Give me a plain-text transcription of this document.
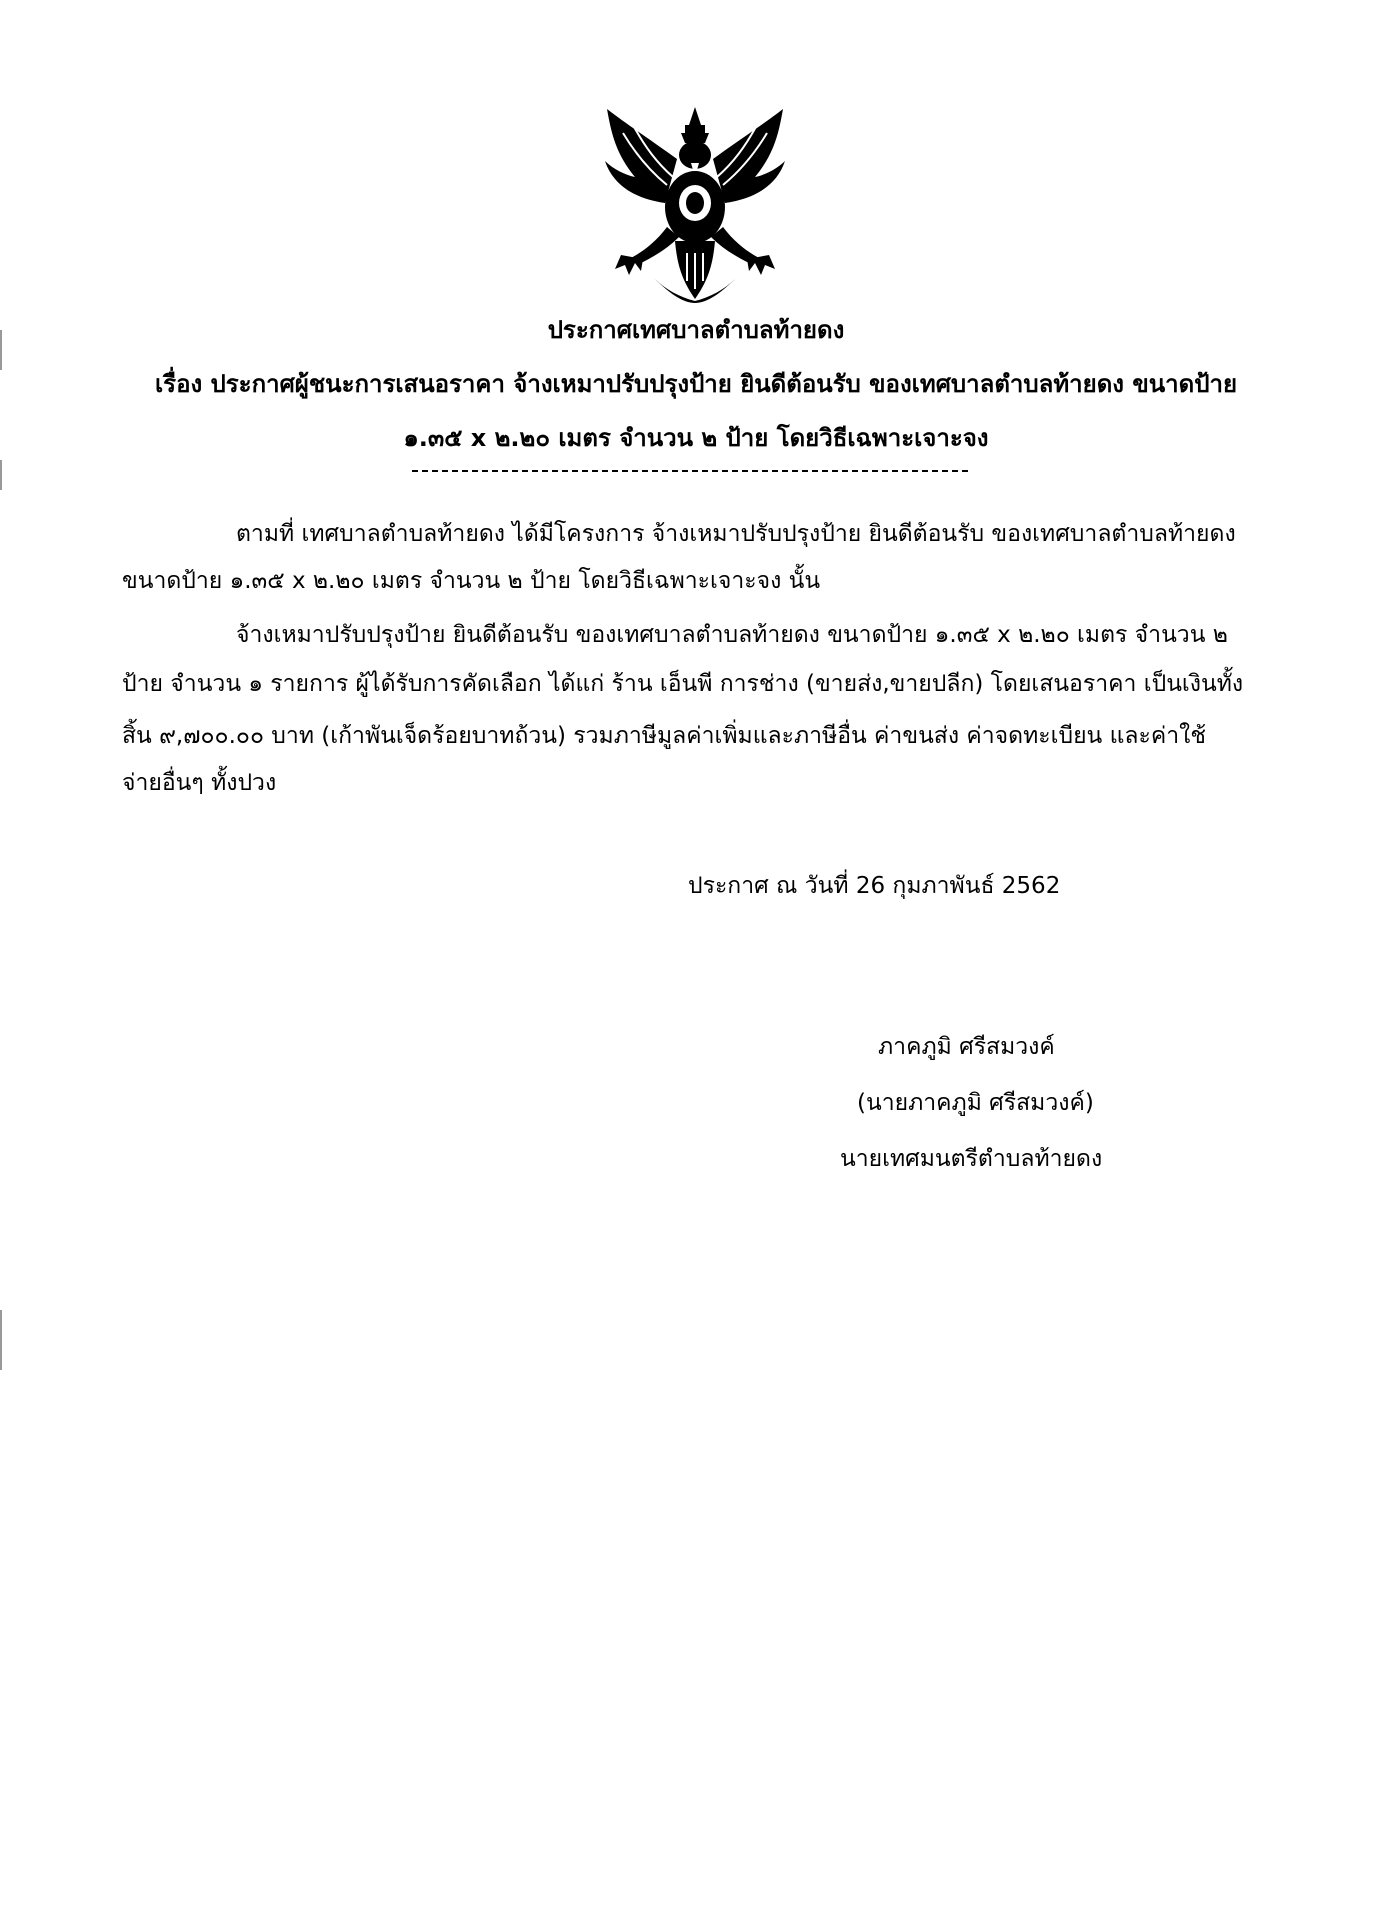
ประกาศเทศบาลตำบลท้ายดง
เรื่อง ประกาศผู้ชนะการเสนอราคา จ้างเหมาปรับปรุงป้าย ยินดีต้อนรับ ของเทศบาลตำบลท้ายดง ขนาดป้าย
๑.๓๕ x ๒.๒๐ เมตร จำนวน ๒ ป้าย โดยวิธีเฉพาะเจาะจง
ตามที่ เทศบาลตำบลท้ายดง ได้มีโครงการ จ้างเหมาปรับปรุงป้าย ยินดีต้อนรับ ของเทศบาลตำบลท้ายดง
ขนาดป้าย ๑.๓๕ x ๒.๒๐ เมตร จำนวน ๒ ป้าย โดยวิธีเฉพาะเจาะจง นั้น
จ้างเหมาปรับปรุงป้าย ยินดีต้อนรับ ของเทศบาลตำบลท้ายดง ขนาดป้าย ๑.๓๕ x ๒.๒๐ เมตร จำนวน ๒
ป้าย จำนวน ๑ รายการ ผู้ได้รับการคัดเลือก ได้แก่ ร้าน เอ็นพี การช่าง (ขายส่ง,ขายปลีก) โดยเสนอราคา เป็นเงินทั้ง
สิ้น ๙,๗๐๐.๐๐ บาท (เก้าพันเจ็ดร้อยบาทถ้วน) รวมภาษีมูลค่าเพิ่มและภาษีอื่น ค่าขนส่ง ค่าจดทะเบียน และค่าใช้
จ่ายอื่นๆ ทั้งปวง
ประกาศ ณ วันที่ 26 กุมภาพันธ์ 2562
ภาคภูมิ ศรีสมวงค์
(นายภาคภูมิ ศรีสมวงค์)
นายเทศมนตรีตำบลท้ายดง
